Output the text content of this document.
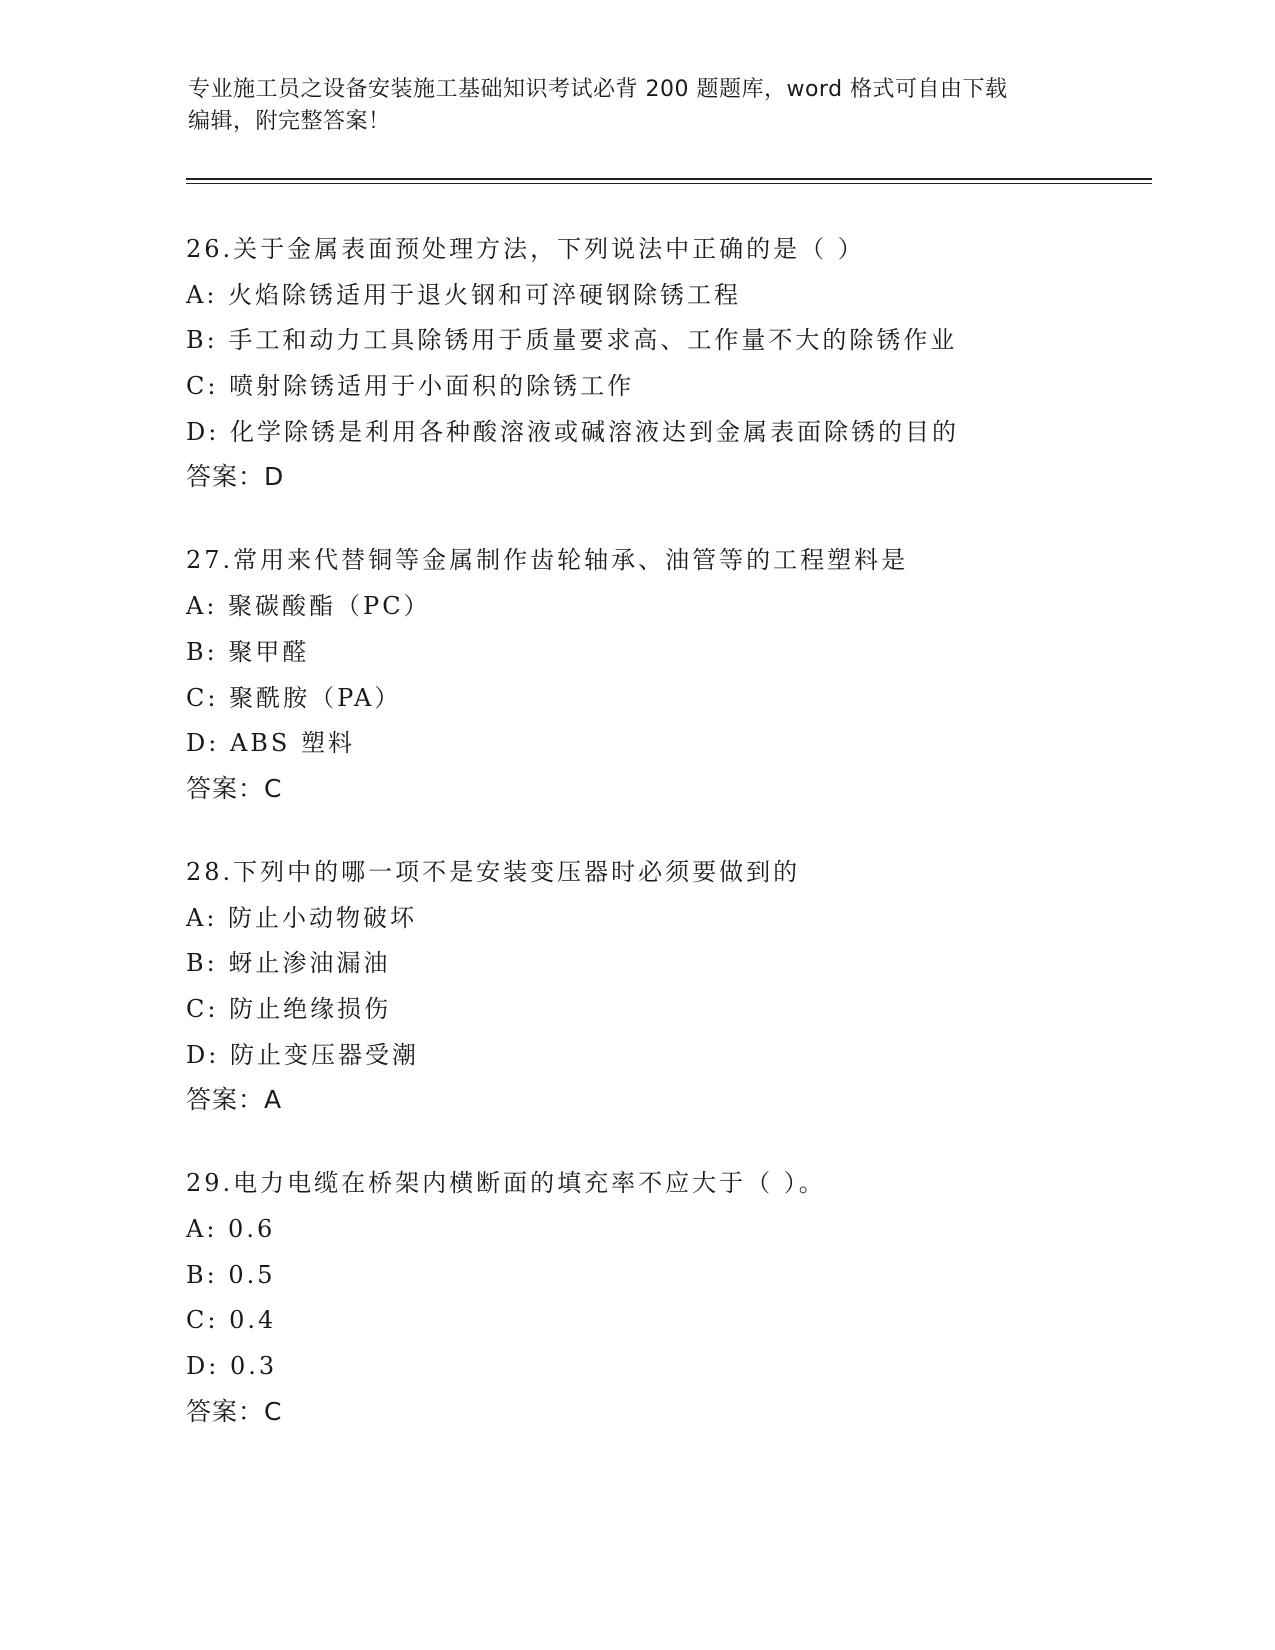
专业施工员之设备安装施工基础知识考试必背 200 题题库，word 格式可自由下载
编辑，附完整答案！
26.关于金属表面预处理方法，下列说法中正确的是（ ）
A: 火焰除锈适用于退火钢和可淬硬钢除锈工程
B: 手工和动力工具除锈用于质量要求高、工作量不大的除锈作业
C: 喷射除锈适用于小面积的除锈工作
D: 化学除锈是利用各种酸溶液或碱溶液达到金属表面除锈的目的
答案：D
27.常用来代替铜等金属制作齿轮轴承、油管等的工程塑料是
A: 聚碳酸酯（PC）
B: 聚甲醛
C: 聚酰胺（PA）
D: ABS 塑料
答案：C
28.下列中的哪一项不是安装变压器时必须要做到的
A: 防止小动物破坏
B: 蚜止渗油漏油
C: 防止绝缘损伤
D: 防止变压器受潮
答案：A
29.电力电缆在桥架内横断面的填充率不应大于（ ）。
A: 0.6
B: 0.5
C: 0.4
D: 0.3
答案：C
